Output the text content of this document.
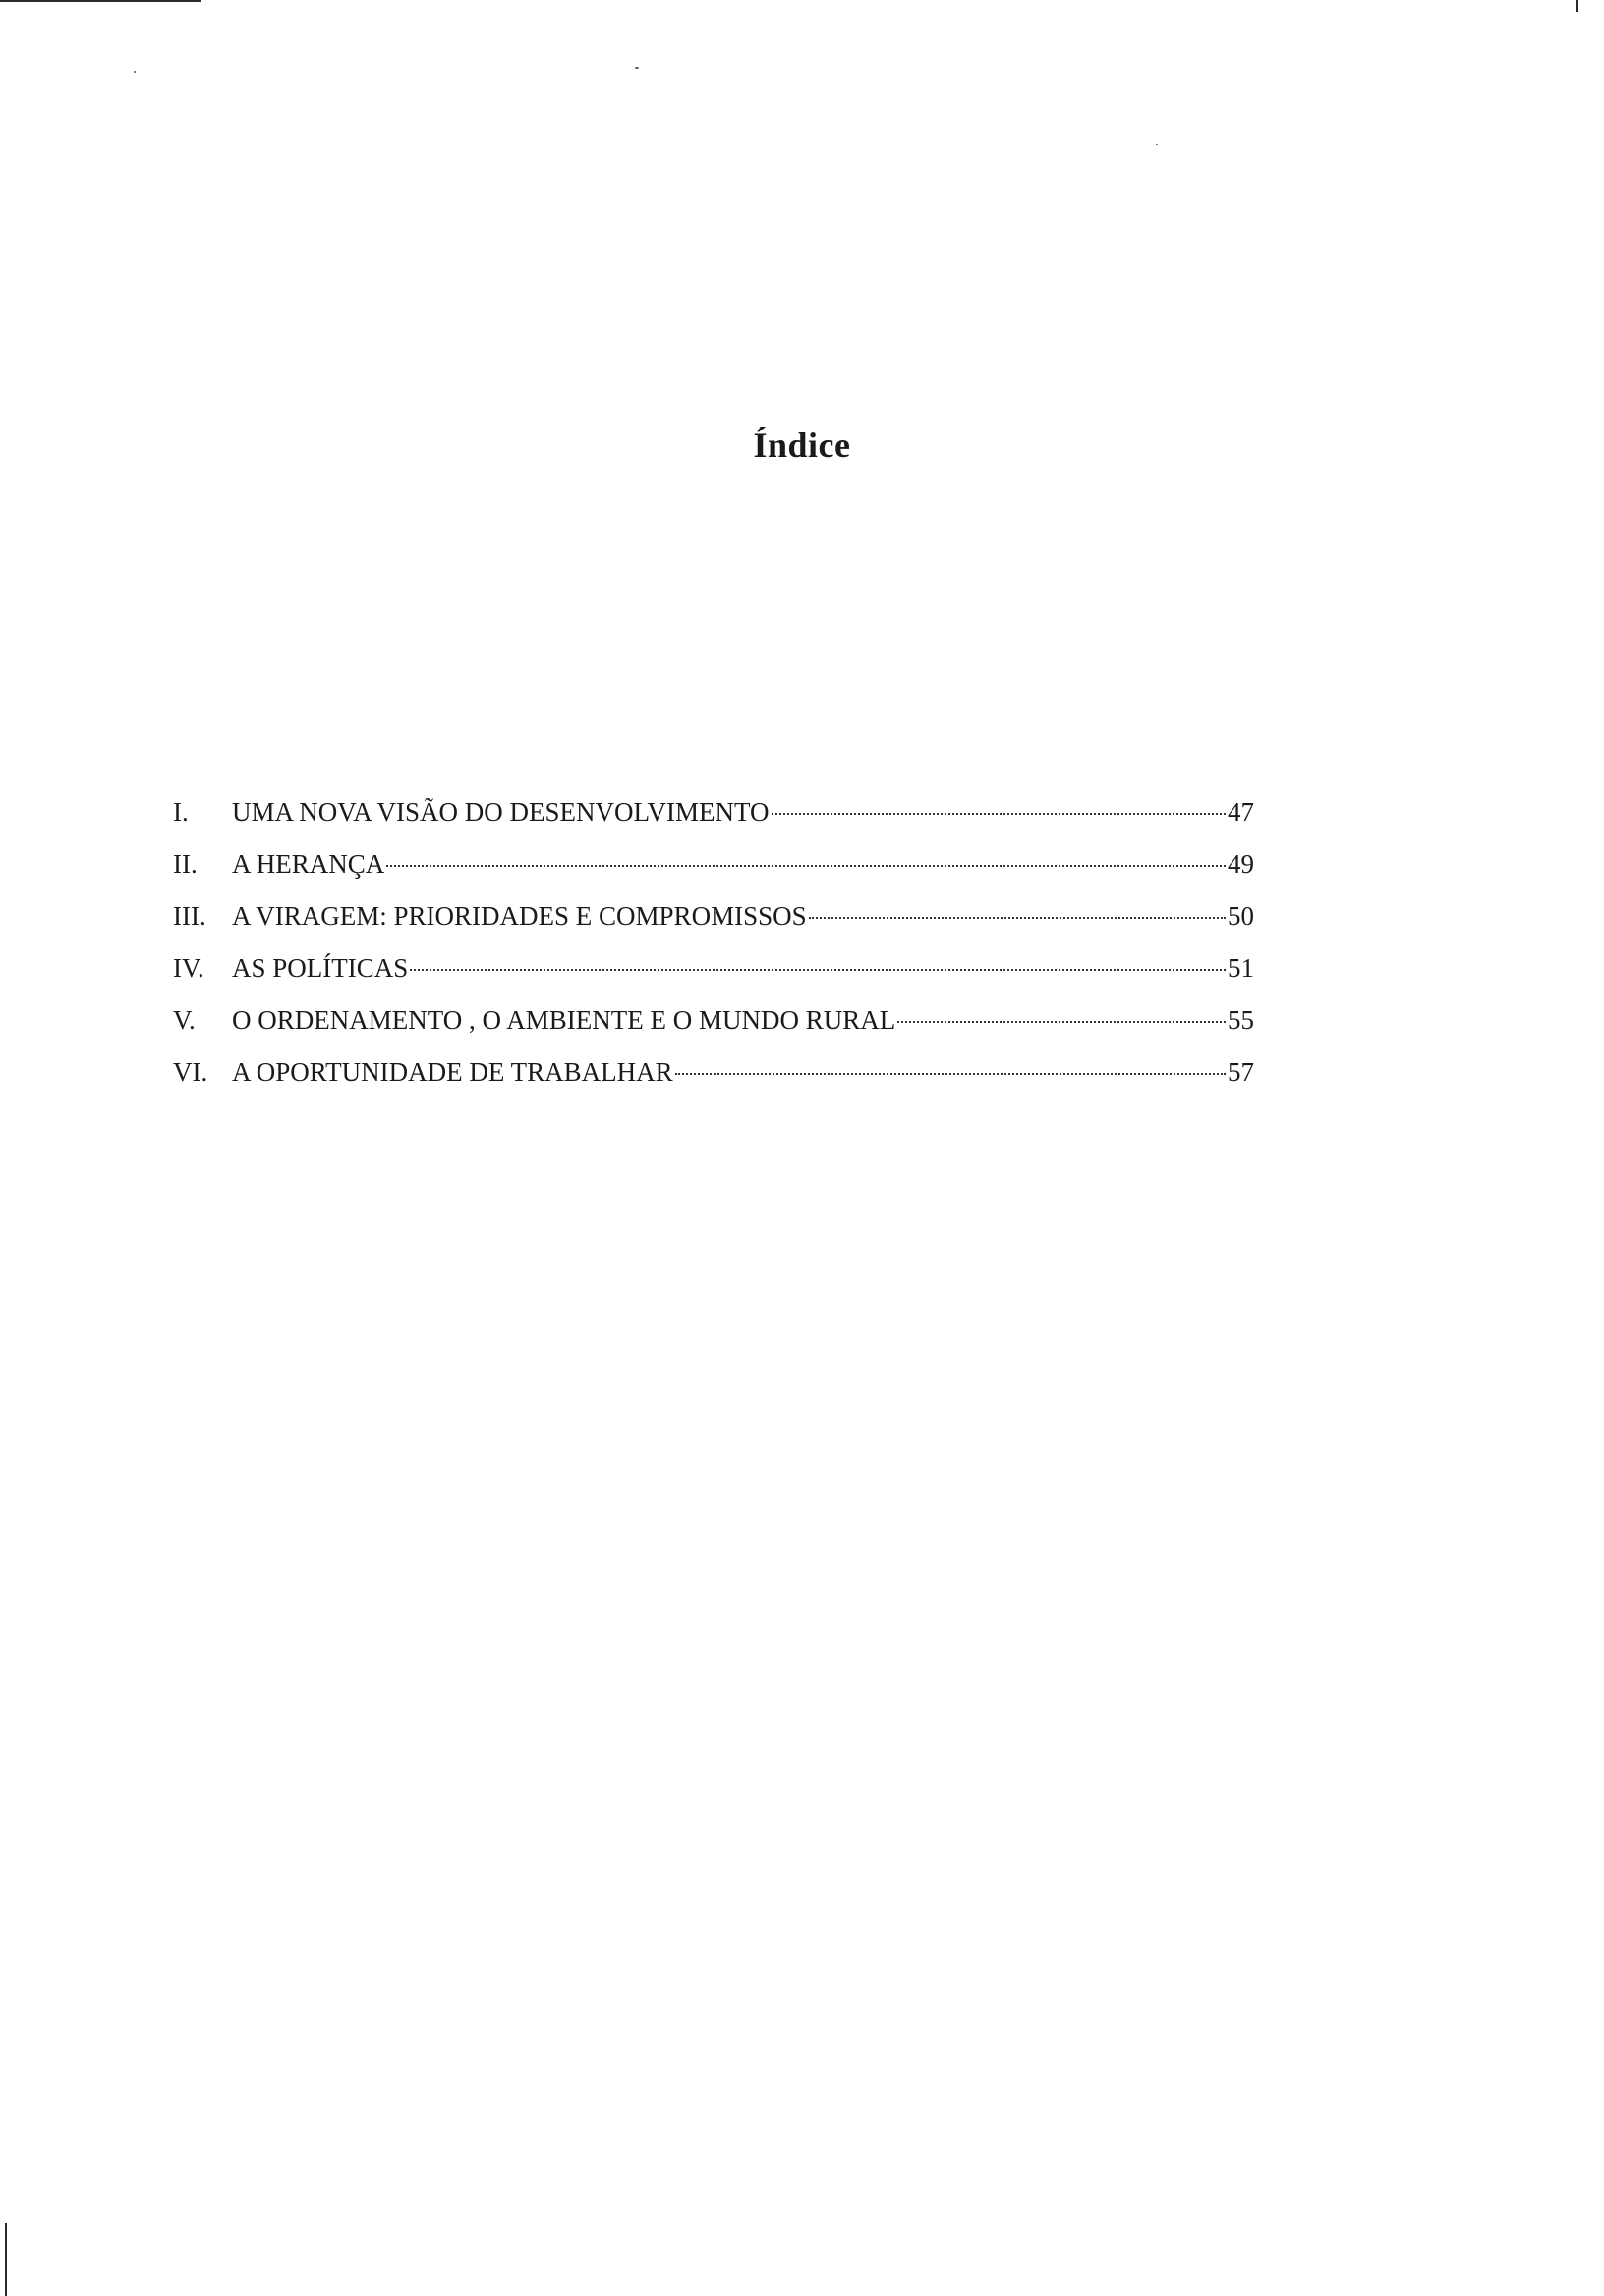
Índice
I.	UMA NOVA VISÃO DO DESENVOLVIMENTO	47
II.	A HERANÇA	49
III. A VIRAGEM: PRIORIDADES E COMPROMISSOS	50
IV.	AS POLÍTICAS	51
V.	O ORDENAMENTO , O AMBIENTE E O MUNDO RURAL	55
VI. A OPORTUNIDADE DE TRABALHAR	57
